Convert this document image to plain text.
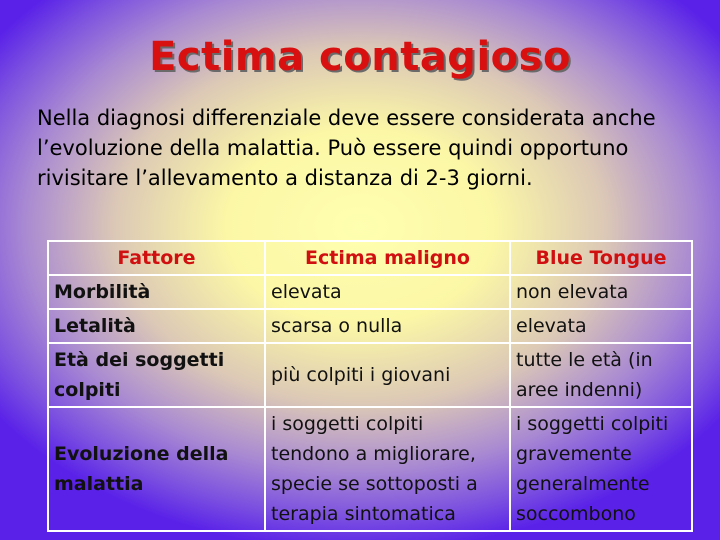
Ectima contagioso
Nella diagnosi differenziale deve essere considerata anche l’evoluzione della malattia. Può essere quindi opportuno rivisitare l’allevamento a distanza di 2-3 giorni.
Fattore	Ectima maligno	Blue Tongue
Morbilità	elevata	non elevata
Letalità	scarsa o nulla	elevata
Età dei soggetti colpiti	più colpiti i giovani	tutte le età (in aree indenni)
Evoluzione della malattia	i soggetti colpiti tendono a migliorare, specie se sottoposti a terapia sintomatica	i soggetti colpiti gravemente generalmente soccombono
